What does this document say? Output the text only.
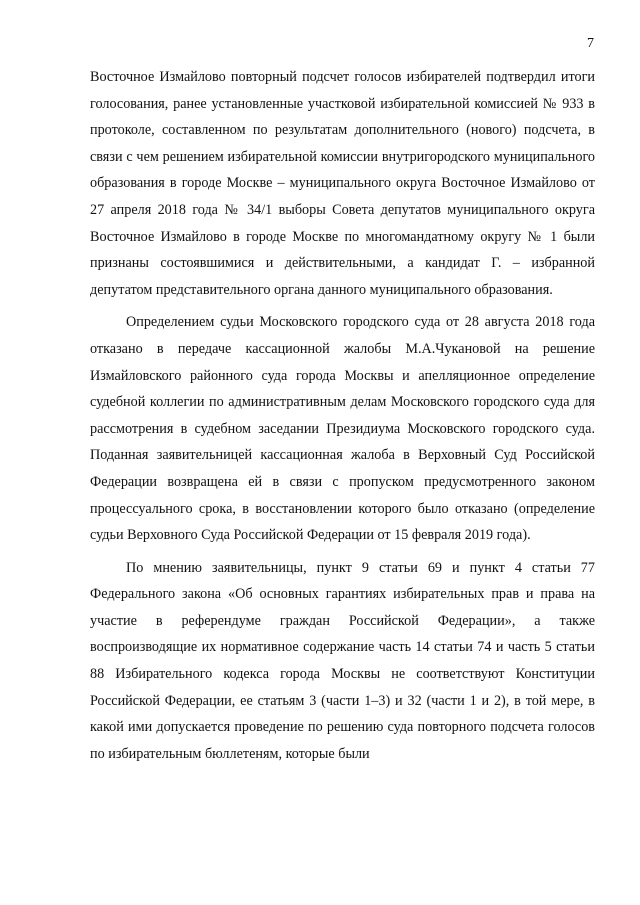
7

Восточное Измайлово повторный подсчет голосов избирателей подтвердил итоги голосования, ранее установленные участковой избирательной комиссией № 933 в протоколе, составленном по результатам дополнительного (нового) подсчета, в связи с чем решением избирательной комиссии внутригородского муниципального образования в городе Москве – муниципального округа Восточное Измайлово от 27 апреля 2018 года № 34/1 выборы Совета депутатов муниципального округа Восточное Измайлово в городе Москве по многомандатному округу № 1 были признаны состоявшимися и действительными, а кандидат Г. – избранной депутатом представительного органа данного муниципального образования.

Определением судьи Московского городского суда от 28 августа 2018 года отказано в передаче кассационной жалобы М.А.Чукановой на решение Измайловского районного суда города Москвы и апелляционное определение судебной коллегии по административным делам Московского городского суда для рассмотрения в судебном заседании Президиума Московского городского суда. Поданная заявительницей кассационная жалоба в Верховный Суд Российской Федерации возвращена ей в связи с пропуском предусмотренного законом процессуального срока, в восстановлении которого было отказано (определение судьи Верховного Суда Российской Федерации от 15 февраля 2019 года).

По мнению заявительницы, пункт 9 статьи 69 и пункт 4 статьи 77 Федерального закона «Об основных гарантиях избирательных прав и права на участие в референдуме граждан Российской Федерации», а также воспроизводящие их нормативное содержание часть 14 статьи 74 и часть 5 статьи 88 Избирательного кодекса города Москвы не соответствуют Конституции Российской Федерации, ее статьям 3 (части 1–3) и 32 (части 1 и 2), в той мере, в какой ими допускается проведение по решению суда повторного подсчета голосов по избирательным бюллетеням, которые были
